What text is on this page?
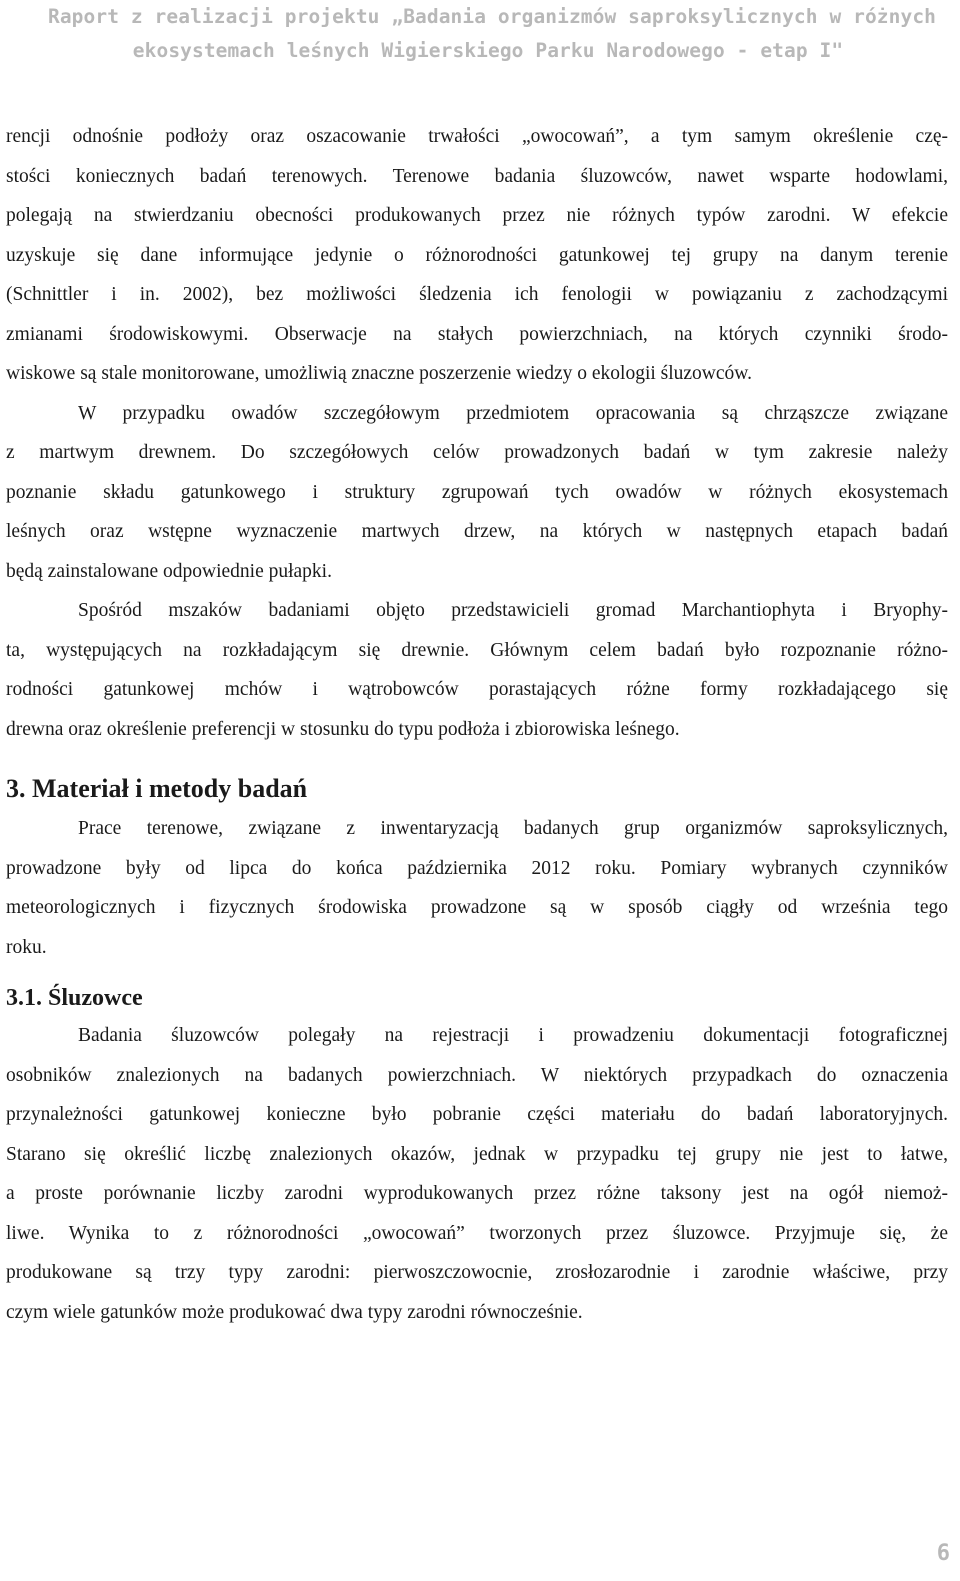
Raport z realizacji projektu „Badania organizmów saproksylicznych w różnych
ekosystemach leśnych Wigierskiego Parku Narodowego - etap I"

rencji odnośnie podłoży oraz oszacowanie trwałości „owocowań”, a tym samym określenie czę-
stości koniecznych badań terenowych. Terenowe badania śluzowców, nawet wsparte hodowlami,
polegają na stwierdzaniu obecności produkowanych przez nie różnych typów zarodni. W efekcie
uzyskuje się dane informujące jedynie o różnorodności gatunkowej tej grupy na danym terenie
(Schnittler i in. 2002), bez możliwości śledzenia ich fenologii w powiązaniu z zachodzącymi
zmianami środowiskowymi. Obserwacje na stałych powierzchniach, na których czynniki środo-
wiskowe są stale monitorowane, umożliwią znaczne poszerzenie wiedzy o ekologii śluzowców.

W przypadku owadów szczegółowym przedmiotem opracowania są chrząszcze związane
z martwym drewnem. Do szczegółowych celów prowadzonych badań w tym zakresie należy
poznanie składu gatunkowego i struktury zgrupowań tych owadów w różnych ekosystemach
leśnych oraz wstępne wyznaczenie martwych drzew, na których w następnych etapach badań
będą zainstalowane odpowiednie pułapki.

Spośród mszaków badaniami objęto przedstawicieli gromad Marchantiophyta i Bryophy-
ta, występujących na rozkładającym się drewnie. Głównym celem badań było rozpoznanie różno-
rodności gatunkowej mchów i wątrobowców porastających różne formy rozkładającego się
drewna oraz określenie preferencji w stosunku do typu podłoża i zbiorowiska leśnego.

3. Materiał i metody badań

Prace terenowe, związane z inwentaryzacją badanych grup organizmów saproksylicznych,
prowadzone były od lipca do końca października 2012 roku. Pomiary wybranych czynników
meteorologicznych i fizycznych środowiska prowadzone są w sposób ciągły od września tego
roku.

3.1. Śluzowce

Badania śluzowców polegały na rejestracji i prowadzeniu dokumentacji fotograficznej
osobników znalezionych na badanych powierzchniach. W niektórych przypadkach do oznaczenia
przynależności gatunkowej konieczne było pobranie części materiału do badań laboratoryjnych.
Starano się określić liczbę znalezionych okazów, jednak w przypadku tej grupy nie jest to łatwe,
a proste porównanie liczby zarodni wyprodukowanych przez różne taksony jest na ogół niemoż-
liwe. Wynika to z różnorodności „owocowań” tworzonych przez śluzowce. Przyjmuje się, że
produkowane są trzy typy zarodni: pierwoszczowocnie, zrosłozarodnie i zarodnie właściwe, przy
czym wiele gatunków może produkować dwa typy zarodni równocześnie.

6
